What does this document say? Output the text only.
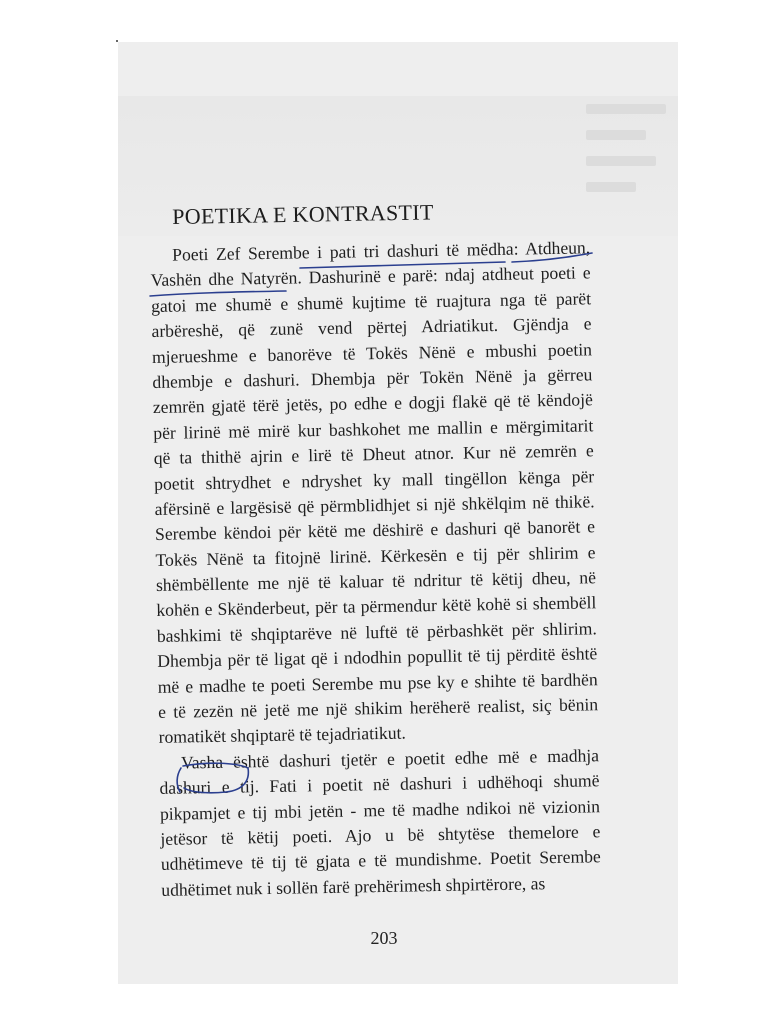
POETIKA E KONTRASTIT
Poeti Zef Serembe i pati tri dashuri të mëdha: Atdheun,
Vashën dhe Natyrën. Dashurinë e parë: ndaj atdheut poeti e
gatoi me shumë e shumë kujtime të ruajtura nga të parët
arbëreshë, që zunë vend përtej Adriatikut. Gjëndja e
mjerueshme e banorëve të Tokës Nënë e mbushi poetin
dhembje e dashuri. Dhembja për Tokën Nënë ja gërreu
zemrën gjatë tërë jetës, po edhe e dogji flakë që të këndojë
për lirinë më mirë kur bashkohet me mallin e mërgimitarit
që ta thithë ajrin e lirë të Dheut atnor. Kur në zemrën e
poetit shtrydhet e ndryshet ky mall tingëllon kënga për
afërsinë e largësisë që përmblidhjet si një shkëlqim në thikë.
Serembe këndoi për këtë me dëshirë e dashuri që banorët e
Tokës Nënë ta fitojnë lirinë. Kërkesën e tij për shlirim e
shëmbëllente me një të kaluar të ndritur të këtij dheu, në
kohën e Skënderbeut, për ta përmendur këtë kohë si shembëll
bashkimi të shqiptarëve në luftë të përbashkët për shlirim.
Dhembja për të ligat që i ndodhin popullit të tij përditë është
më e madhe te poeti Serembe mu pse ky e shihte të bardhën
e të zezën në jetë me një shikim herëherë realist, siç bënin
romatikët shqiptarë të tejadriatikut.
Vasha është dashuri tjetër e poetit edhe më e madhja
dashuri e tij. Fati i poetit në dashuri i udhëhoqi shumë
pikpamjet e tij mbi jetën - me të madhe ndikoi në vizionin
jetësor të këtij poeti. Ajo u bë shtytëse themelore e
udhëtimeve të tij të gjata e të mundishme. Poetit Serembe
udhëtimet nuk i sollën farë prehërimesh shpirtërore, as
203
